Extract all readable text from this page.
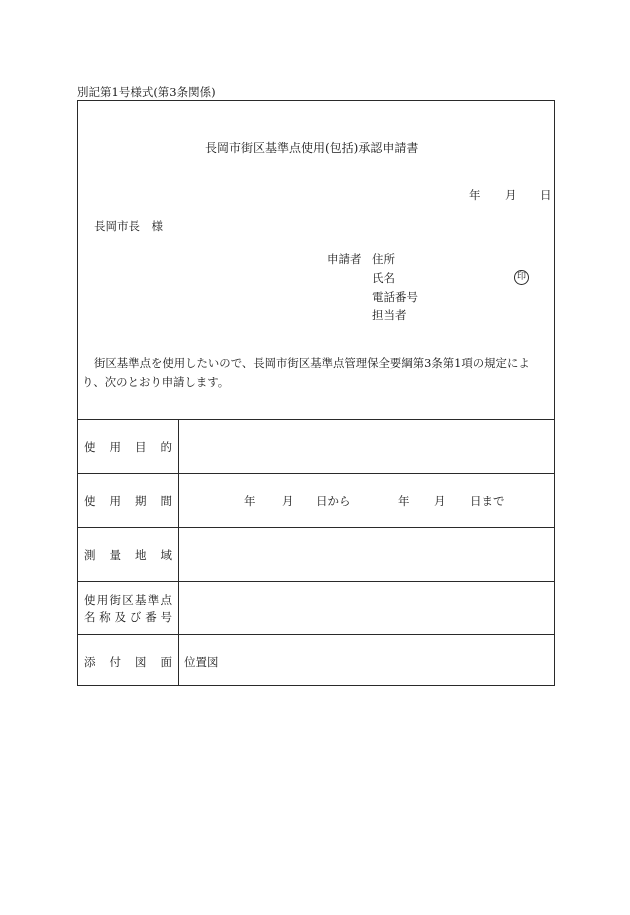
別記第1号様式(第3条関係)
長岡市街区基準点使用(包括)承認申請書
年 月 日
長岡市長　様
申請者 住所
氏名	印
電話番号
担当者
街区基準点を使用したいので、長岡市街区基準点管理保全要綱第3条第1項の規定によ
り、次のとおり申請します。
使 用 目 的
使 用 期 間	年 月 日から	年 月 日まで
測 量 地 域
使 用 街 区 基 準 点
名 称 及 び 番 号
添 付 図 面 位置図
